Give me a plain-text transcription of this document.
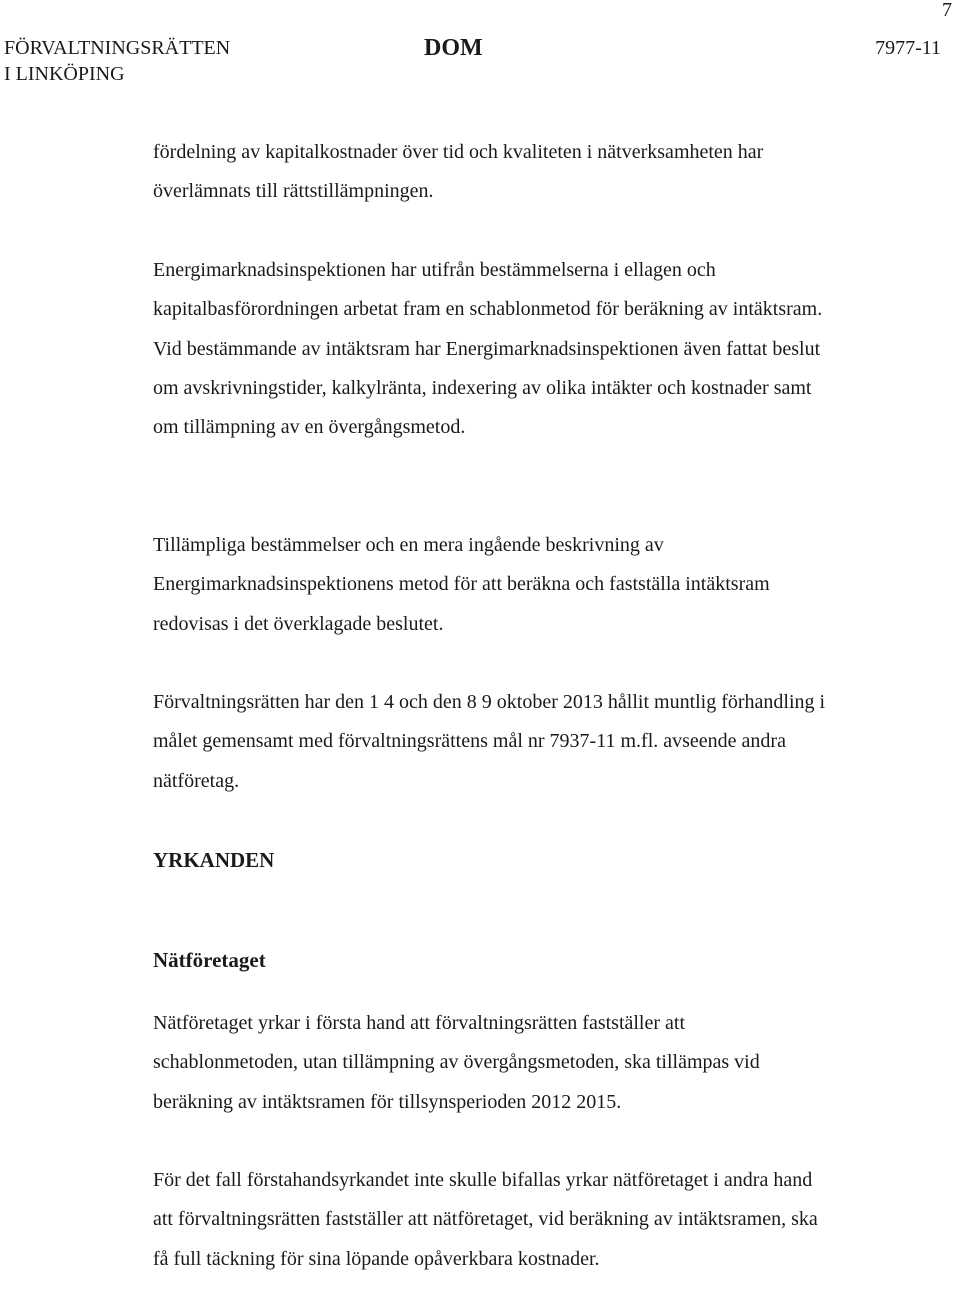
7
FÖRVALTNINGSRÄTTEN
I LINKÖPING
DOM	7977-11

fördelning av kapitalkostnader över tid och kvaliteten i nätverksamheten har överlämnats till rättstillämpningen.

Energimarknadsinspektionen har utifrån bestämmelserna i ellagen och kapitalbasförordningen arbetat fram en schablonmetod för beräkning av intäktsram. Vid bestämmande av intäktsram har Energimarknadsinspektionen även fattat beslut om avskrivningstider, kalkylränta, indexering av olika intäkter och kostnader samt om tillämpning av en övergångsmetod.

Tillämpliga bestämmelser och en mera ingående beskrivning av Energimarknadsinspektionens metod för att beräkna och fastställa intäktsram redovisas i det överklagade beslutet.

Förvaltningsrätten har den 1 4 och den 8 9 oktober 2013 hållit muntlig förhandling i målet gemensamt med förvaltningsrättens mål nr 7937-11 m.fl. avseende andra nätföretag.

YRKANDEN
Nätföretaget

Nätföretaget yrkar i första hand att förvaltningsrätten fastställer att schablonmetoden, utan tillämpning av övergångsmetoden, ska tillämpas vid beräkning av intäktsramen för tillsynsperioden 2012 2015.

För det fall förstahandsyrkandet inte skulle bifallas yrkar nätföretaget i andra hand att förvaltningsrätten fastställer att nätföretaget, vid beräkning av intäktsramen, ska få full täckning för sina löpande opåverkbara kostnader.
